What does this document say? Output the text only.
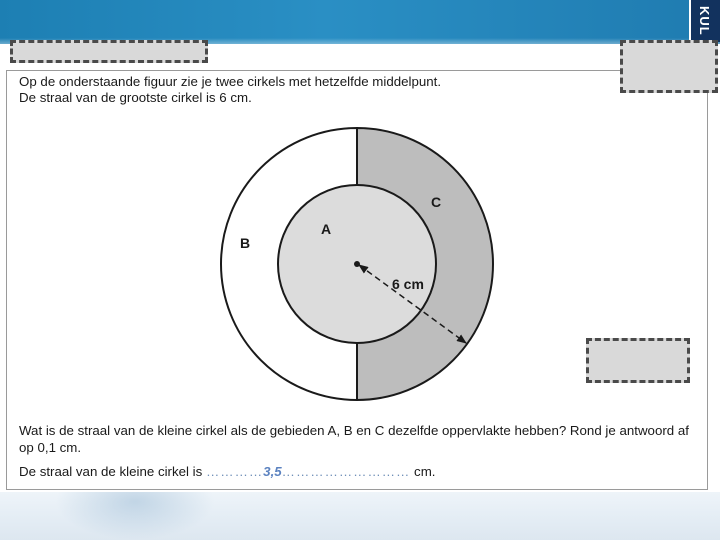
KUL

Op de onderstaande figuur zie je twee cirkels met hetzelfde middelpunt.

De straal van de grootste cirkel is 6 cm.

A
B
C
6 cm

Wat is de straal van de kleine cirkel als de gebieden A, B en C dezelfde oppervlakte hebben? Rond je antwoord af op 0,1 cm.

De straal van de kleine cirkel is …………3,5……………………… cm.
